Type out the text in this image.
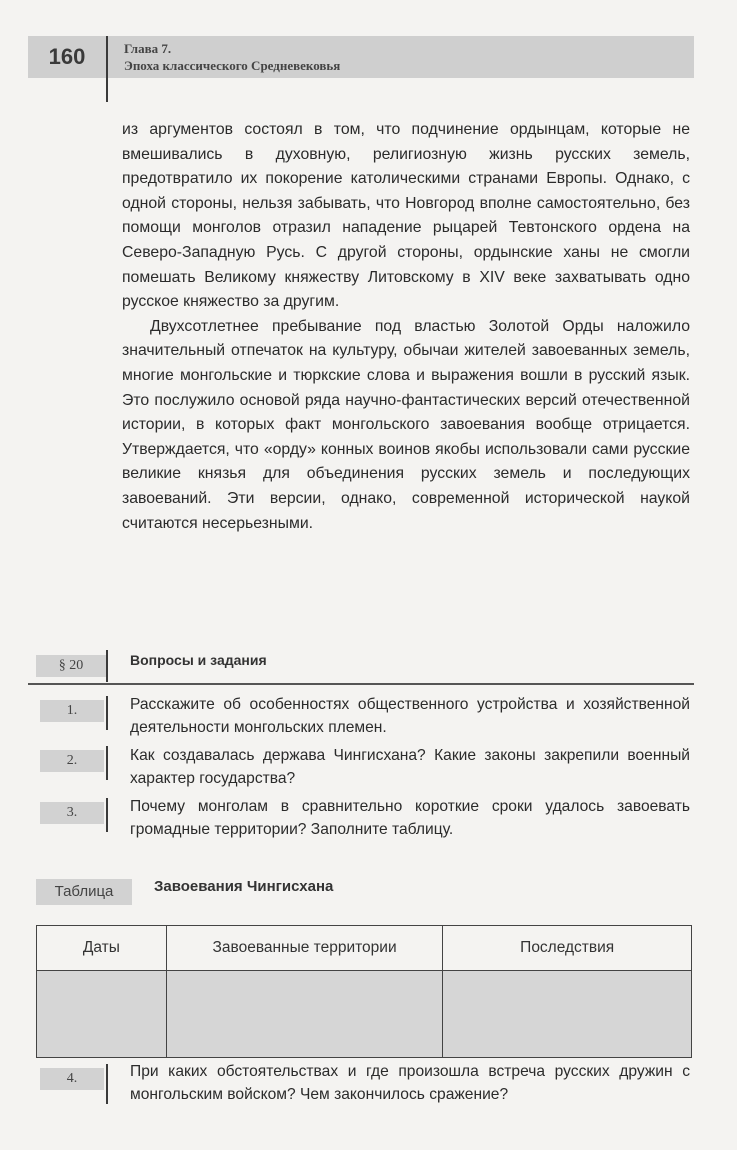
160	Глава 7.
Эпоха классического Средневековья

из аргументов состоял в том, что подчинение ордынцам, которые не вмешивались в духовную, религиозную жизнь русских земель, предотвратило их покорение католическими странами Европы. Однако, с одной стороны, нельзя забывать, что Новгород вполне самостоятельно, без помощи монголов отразил нападение рыцарей Тевтонского ордена на Северо-Западную Русь. С другой стороны, ордынские ханы не смогли помешать Великому княжеству Литовскому в XIV веке захватывать одно русское княжество за другим.

Двухсотлетнее пребывание под властью Золотой Орды наложило значительный отпечаток на культуру, обычаи жителей завоеванных земель, многие монгольские и тюркские слова и выражения вошли в русский язык. Это послужило основой ряда научно-фантастических версий отечественной истории, в которых факт монгольского завоевания вообще отрицается. Утверждается, что «орду» конных воинов якобы использовали сами русские великие князья для объединения русских земель и последующих завоеваний. Эти версии, однако, современной исторической наукой считаются несерьезными.

§ 20	Вопросы и задания
1.	Расскажите об особенностях общественного устройства и хозяйственной деятельности монгольских племен.
2.	Как создавалась держава Чингисхана? Какие законы закрепили военный характер государства?
3.	Почему монголам в сравнительно короткие сроки удалось завоевать громадные территории? Заполните таблицу.
Таблица	Завоевания Чингисхана
Даты	Завоеванные территории	Последствия

4.	При каких обстоятельствах и где произошла встреча русских дружин с монгольским войском? Чем закончилось сражение?
